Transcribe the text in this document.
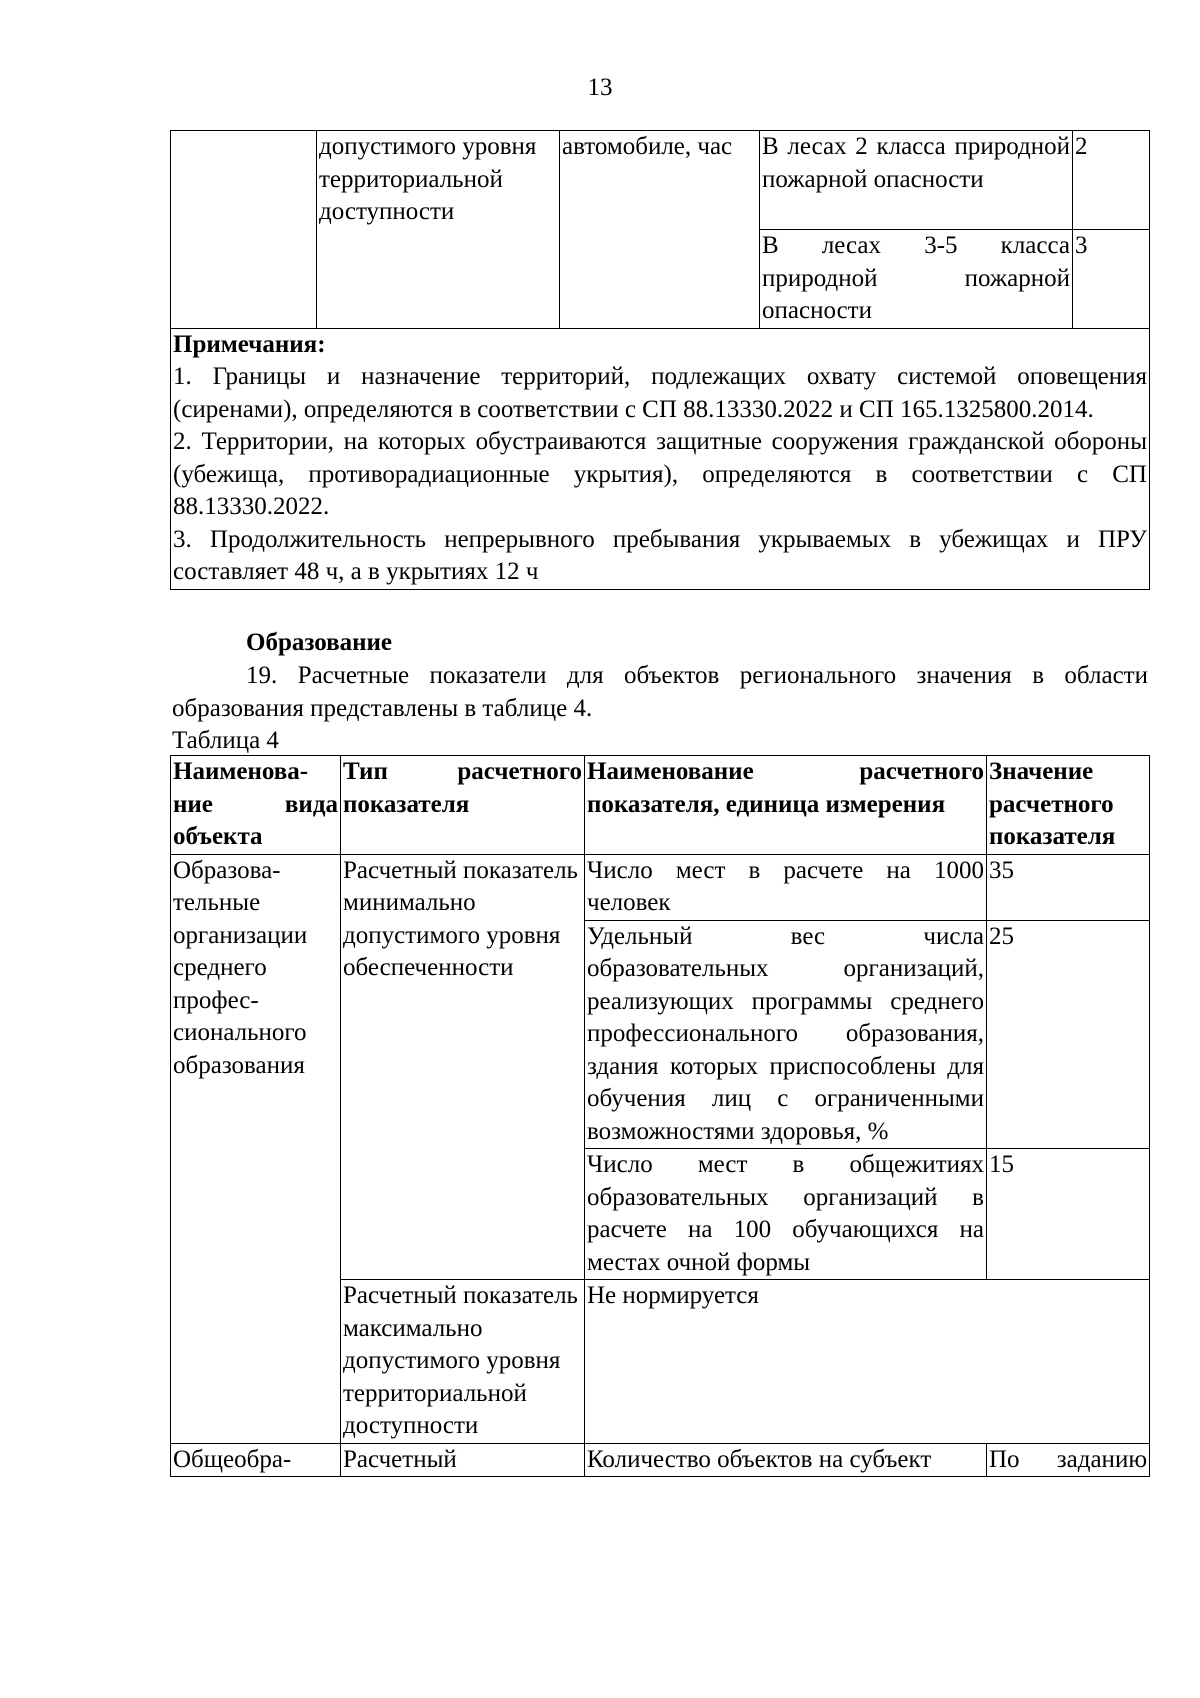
13
	допустимого уровня территориальной доступности	автомобиле, час	В лесах 2 класса природной пожарной опасности	2
			В лесах 3-5 класса природной пожарной опасности	3

Примечания:

1. Границы и назначение территорий, подлежащих охвату системой оповещения (сиренами), определяются в соответствии с СП 88.13330.2022 и СП 165.1325800.2014.

2. Территории, на которых обустраиваются защитные сооружения гражданской обороны (убежища, противорадиационные укрытия), определяются в соответствии с СП 88.13330.2022.

3. Продолжительность непрерывного пребывания укрываемых в убежищах и ПРУ составляет 48 ч, а в укрытиях 12 ч				

Образование
19. Расчетные показатели для объектов регионального значения в области образования представлены в таблице 4.
Таблица 4
Наименова-ние вида объекта	Тип расчетного показателя	Наименование расчетного показателя, единица измерения	Значение расчетного показателя
Образова-тельные организации среднего профес-сионального образования	Расчетный показатель минимально допустимого уровня обеспеченности	Число мест в расчете на 1000 человек	35
		Удельный вес числа образовательных организаций, реализующих программы среднего профессионального образования, здания которых приспособлены для обучения лиц с ограниченными возможностями здоровья, %	25
		Число мест в общежитиях образовательных организаций в расчете на 100 обучающихся на местах очной формы	15
	Расчетный показатель максимально допустимого уровня территориальной доступности	Не нормируется	
Общеобра-	Расчетный	Количество объектов на субъект	По заданию
